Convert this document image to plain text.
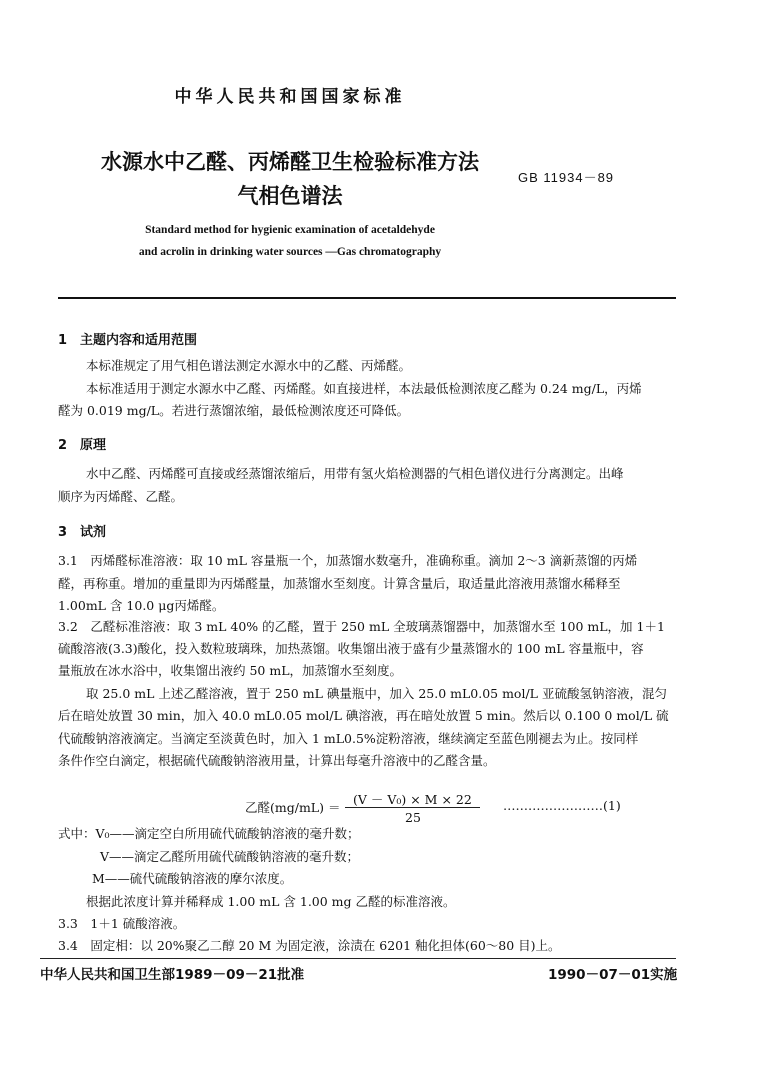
中华人民共和国国家标准
水源水中乙醛、丙烯醛卫生检验标准方法
气相色谱法
GB 11934－89
Standard method for hygienic examination of acetaldehyde
and acrolin in drinking water sources —Gas chromatography
1　主题内容和适用范围
本标准规定了用气相色谱法测定水源水中的乙醛、丙烯醛。
本标准适用于测定水源水中乙醛、丙烯醛。如直接进样，本法最低检测浓度乙醛为 0.24 mg/L，丙烯
醛为 0.019 mg/L。若进行蒸馏浓缩，最低检测浓度还可降低。
2　原理
水中乙醛、丙烯醛可直接或经蒸馏浓缩后，用带有氢火焰检测器的气相色谱仪进行分离测定。出峰
顺序为丙烯醛、乙醛。
3　试剂
3.1　丙烯醛标准溶液：取 10 mL 容量瓶一个，加蒸馏水数毫升，准确称重。滴加 2～3 滴新蒸馏的丙烯
醛，再称重。增加的重量即为丙烯醛量，加蒸馏水至刻度。计算含量后，取适量此溶液用蒸馏水稀释至
1.00mL 含 10.0 μg丙烯醛。
3.2　乙醛标准溶液：取 3 mL 40% 的乙醛，置于 250 mL 全玻璃蒸馏器中，加蒸馏水至 100 mL，加 1＋1
硫酸溶液(3.3)酸化，投入数粒玻璃珠，加热蒸馏。收集馏出液于盛有少量蒸馏水的 100 mL 容量瓶中，容
量瓶放在冰水浴中，收集馏出液约 50 mL，加蒸馏水至刻度。
取 25.0 mL 上述乙醛溶液，置于 250 mL 碘量瓶中，加入 25.0 mL0.05 mol/L 亚硫酸氢钠溶液，混匀
后在暗处放置 30 min，加入 40.0 mL0.05 mol/L 碘溶液，再在暗处放置 5 min。然后以 0.100 0 mol/L 硫
代硫酸钠溶液滴定。当滴定至淡黄色时，加入 1 mL0.5%淀粉溶液，继续滴定至蓝色刚褪去为止。按同样
条件作空白滴定，根据硫代硫酸钠溶液用量，计算出每毫升溶液中的乙醛含量。
乙醛(mg/mL) ＝
(V － V₀) × M × 22
25
……………………(1)
式中：V₀——滴定空白所用硫代硫酸钠溶液的毫升数；
V——滴定乙醛所用硫代硫酸钠溶液的毫升数；
M——硫代硫酸钠溶液的摩尔浓度。
根据此浓度计算并稀释成 1.00 mL 含 1.00 mg 乙醛的标准溶液。
3.3　1＋1 硫酸溶液。
3.4　固定相：以 20%聚乙二醇 20 M 为固定液，涂渍在 6201 釉化担体(60～80 目)上。
中华人民共和国卫生部1989－09－21批准	1990－07－01实施
